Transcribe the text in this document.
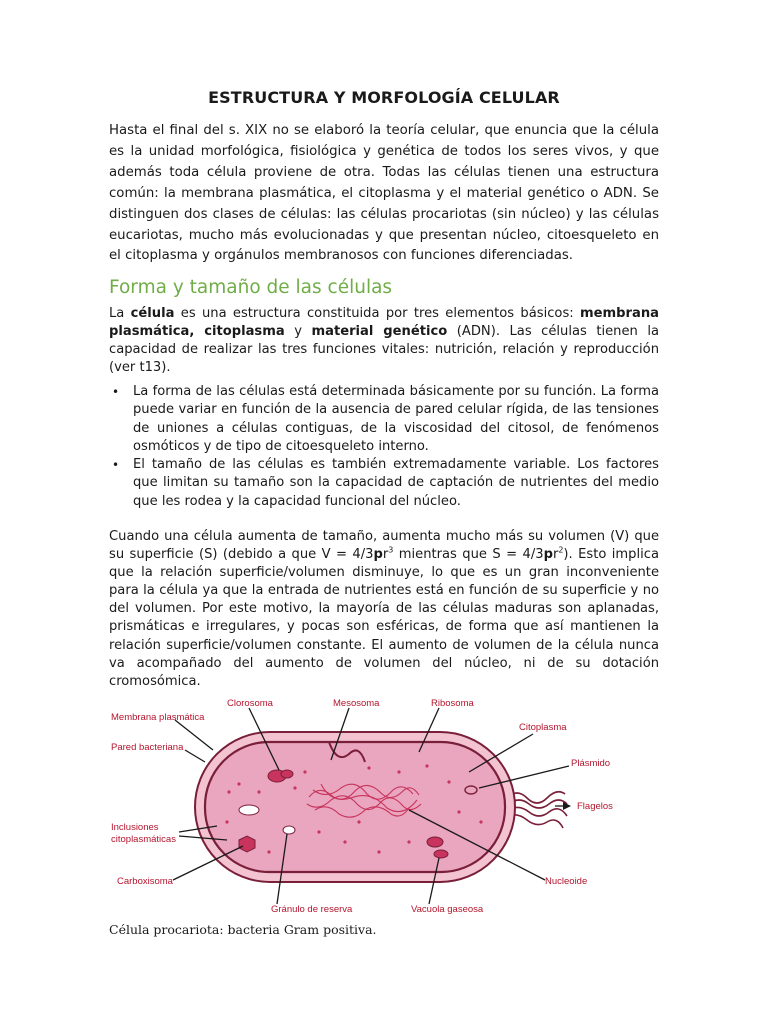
ESTRUCTURA Y MORFOLOGÍA CELULAR

Hasta el final del s. XIX no se elaboró la teoría celular, que enuncia que la célula es la unidad morfológica, fisiológica y genética de todos los seres vivos, y que además toda célula proviene de otra. Todas las células tienen una estructura común: la membrana plasmática, el citoplasma y el material genético o ADN. Se distinguen dos clases de células: las células procariotas (sin núcleo) y las células eucariotas, mucho más evolucionadas y que presentan núcleo, citoesqueleto en el citoplasma y orgánulos membranosos con funciones diferenciadas.

Forma y tamaño de las células

La célula es una estructura constituida por tres elementos básicos: membrana plasmática, citoplasma y material genético (ADN). Las células tienen la capacidad de realizar las tres funciones vitales: nutrición, relación y reproducción (ver t13).

• La forma de las células está determinada básicamente por su función. La forma puede variar en función de la ausencia de pared celular rígida, de las tensiones de uniones a células contiguas, de la viscosidad del citosol, de fenómenos osmóticos y de tipo de citoesqueleto interno.
• El tamaño de las células es también extremadamente variable. Los factores que limitan su tamaño son la capacidad de captación de nutrientes del medio que les rodea y la capacidad funcional del núcleo.

Cuando una célula aumenta de tamaño, aumenta mucho más su volumen (V) que su superficie (S) (debido a que $V = 4/3pr^3$ mientras que $S = 4/3pr^2$). Esto implica que la relación superficie/volumen disminuye, lo que es un gran inconveniente para la célula ya que la entrada de nutrientes está en función de su superficie y no del volumen. Por este motivo, la mayoría de las células maduras son aplanadas, prismáticas e irregulares, y pocas son esféricas, de forma que así mantienen la relación superficie/volumen constante. El aumento de volumen de la célula nunca va acompañado del aumento de volumen del núcleo, ni de su dotación cromosómica.

Clorosoma	Mesosoma	Ribosoma
Membrana plasmática
Pared bacteriana
Citoplasma
Plásmido
Flagelos
Inclusiones
citoplasmáticas
Carboxisoma	Nucleoide
Gránulo de reserva	Vacuola gaseosa

Célula procariota: bacteria Gram positiva.
